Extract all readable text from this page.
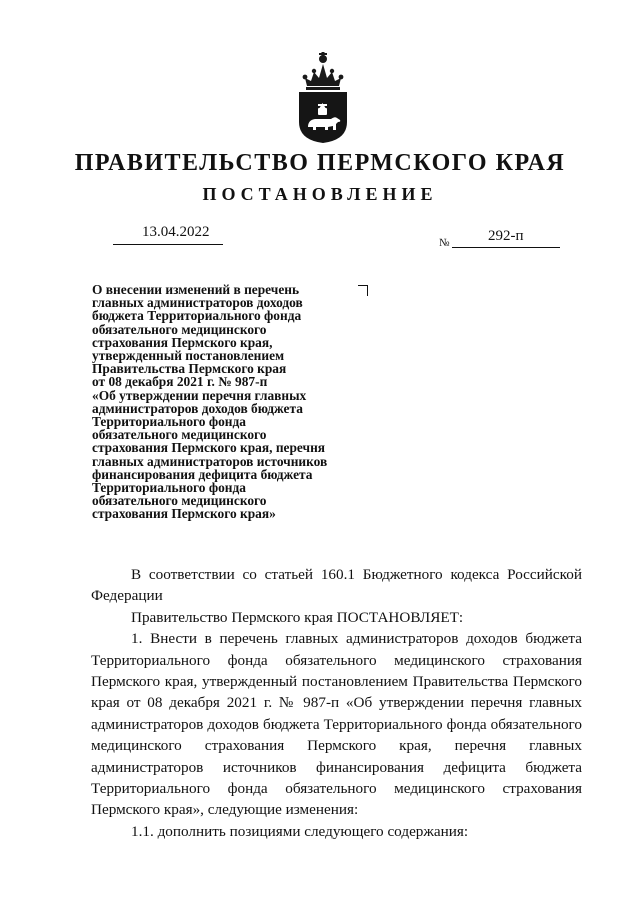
ПРАВИТЕЛЬСТВО ПЕРМСКОГО КРАЯ
ПОСТАНОВЛЕНИЕ
13.04.2022
№	292-п

О внесении изменений в перечень
главных администраторов доходов
бюджета Территориального фонда
обязательного медицинского
страхования Пермского края,
утвержденный постановлением
Правительства Пермского края
от 08 декабря 2021 г. № 987-п
«Об утверждении перечня главных
администраторов доходов бюджета
Территориального фонда
обязательного медицинского
страхования Пермского края, перечня
главных администраторов источников
финансирования дефицита бюджета
Территориального фонда
обязательного медицинского
страхования Пермского края»

В соответствии со статьей 160.1 Бюджетного кодекса Российской Федерации

Правительство Пермского края ПОСТАНОВЛЯЕТ:

1. Внести в перечень главных администраторов доходов бюджета Территориального фонда обязательного медицинского страхования Пермского края, утвержденный постановлением Правительства Пермского края от 08 декабря 2021 г. № 987-п «Об утверждении перечня главных администраторов доходов бюджета Территориального фонда обязательного медицинского страхования Пермского края, перечня главных администраторов источников финансирования дефицита бюджета Территориального фонда обязательного медицинского страхования Пермского края», следующие изменения:

1.1. дополнить позициями следующего содержания:
